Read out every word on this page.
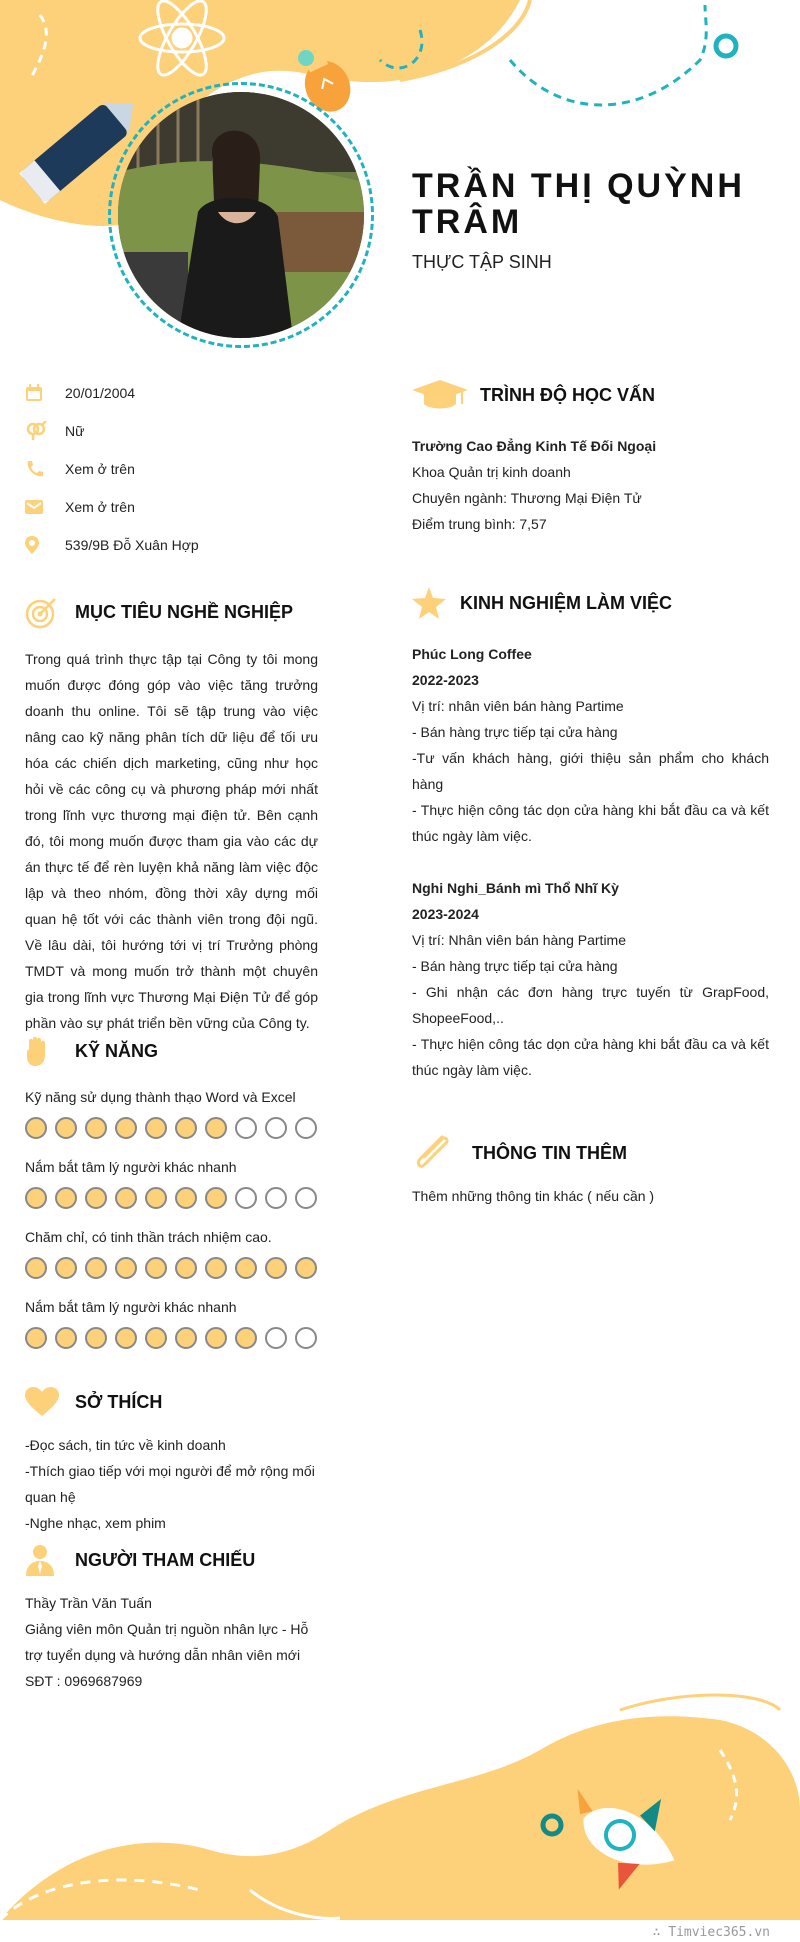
TRẦN THỊ QUỲNH TRÂM
THỰC TẬP SINH
20/01/2004
Nữ
Xem ở trên
Xem ở trên
539/9B Đỗ Xuân Hợp
MỤC TIÊU NGHỀ NGHIỆP
Trong quá trình thực tập tại Công ty tôi mong muốn được đóng góp vào việc tăng trưởng doanh thu online. Tôi sẽ tập trung vào việc nâng cao kỹ năng phân tích dữ liệu để tối ưu hóa các chiến dịch marketing, cũng như học hỏi về các công cụ và phương pháp mới nhất trong lĩnh vực thương mại điện tử. Bên cạnh đó, tôi mong muốn được tham gia vào các dự án thực tế để rèn luyện khả năng làm việc độc lập và theo nhóm, đồng thời xây dựng mối quan hệ tốt với các thành viên trong đội ngũ. Về lâu dài, tôi hướng tới vị trí Trưởng phòng TMDT và mong muốn trở thành một chuyên gia trong lĩnh vực Thương Mại Điện Tử để góp phần vào sự phát triển bền vững của Công ty.
KỸ NĂNG
Kỹ năng sử dụng thành thạo Word và Excel
Nắm bắt tâm lý người khác nhanh
Chăm chỉ, có tinh thần trách nhiệm cao.
Nắm bắt tâm lý người khác nhanh
SỞ THÍCH
-Đọc sách, tin tức về kinh doanh
-Thích giao tiếp với mọi người để mở rộng mối quan hệ
-Nghe nhạc, xem phim
NGƯỜI THAM CHIẾU
Thầy Trần Văn Tuấn
Giảng viên môn Quản trị nguồn nhân lực - Hỗ trợ tuyển dụng và hướng dẫn nhân viên mới
SĐT : 0969687969
TRÌNH ĐỘ HỌC VẤN
Trường Cao Đẳng Kinh Tế Đối Ngoại
Khoa Quản trị kinh doanh
Chuyên ngành: Thương Mại Điện Tử
Điểm trung bình: 7,57
KINH NGHIỆM LÀM VIỆC
Phúc Long Coffee
2022-2023
Vị trí: nhân viên bán hàng Partime
- Bán hàng trực tiếp tại cửa hàng
-Tư vấn khách hàng, giới thiệu sản phẩm cho khách hàng
- Thực hiện công tác dọn cửa hàng khi bắt đầu ca và kết thúc ngày làm việc.
Nghi Nghi_Bánh mì Thổ Nhĩ Kỳ
2023-2024
Vị trí: Nhân viên bán hàng Partime
- Bán hàng trực tiếp tại cửa hàng
- Ghi nhận các đơn hàng trực tuyến từ GrapFood, ShopeeFood,..
- Thực hiện công tác dọn cửa hàng khi bắt đầu ca và kết thúc ngày làm việc.
THÔNG TIN THÊM
Thêm những thông tin khác ( nếu cần )
∴ Timviec365.vn
